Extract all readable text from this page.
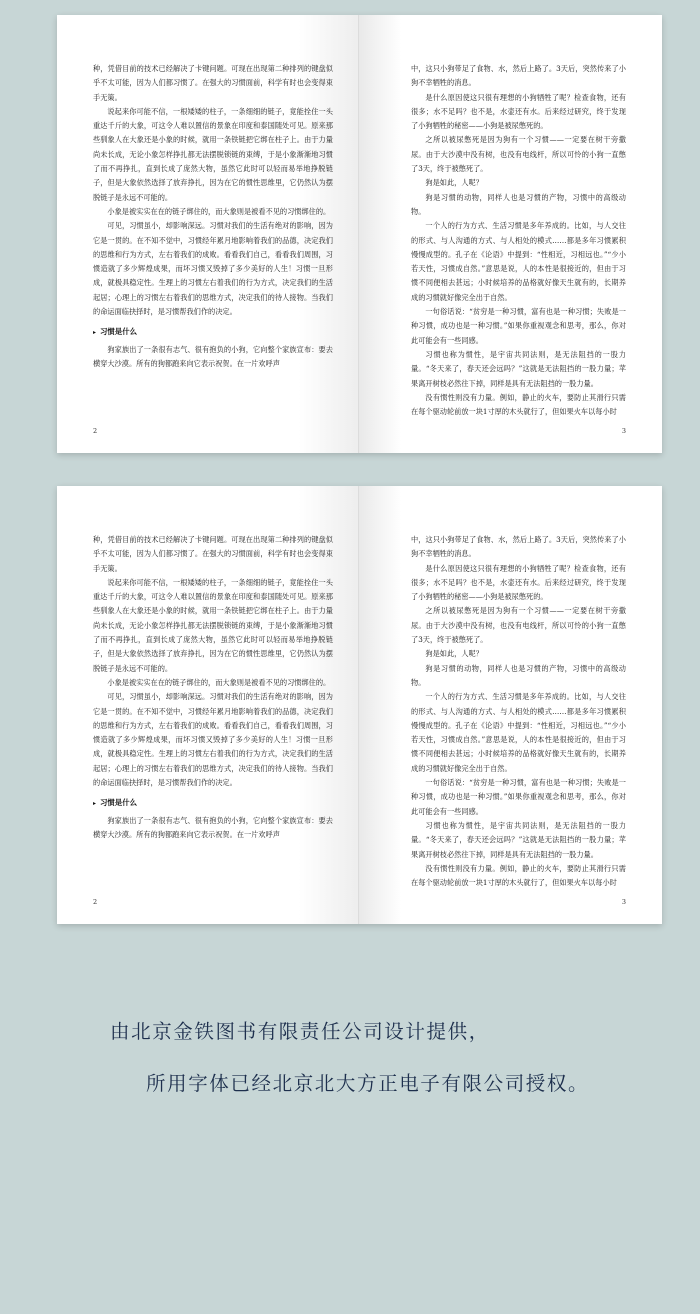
种，凭借目前的技术已经解决了卡键问题。可现在出现第二种排列的键盘似乎不太可能，因为人们都习惯了。在强大的习惯面前，科学有时也会变得束手无策。

说起来你可能不信，一根矮矮的柱子，一条细细的链子，竟能拴住一头重达千斤的大象，可这令人难以置信的景象在印度和泰国随处可见。原来那些驯象人在大象还是小象的时候，就用一条铁链把它绑在柱子上。由于力量尚未长成，无论小象怎样挣扎都无法摆脱锁链的束缚，于是小象渐渐地习惯了而不再挣扎，直到长成了庞然大物，虽然它此时可以轻而易举地挣脱链子，但是大象依然选择了放弃挣扎，因为在它的惯性思维里，它仍然认为摆脱链子是永远不可能的。

小象是被实实在在的链子绑住的，而大象则是被看不见的习惯绑住的。

可见，习惯虽小，却影响深远。习惯对我们的生活有绝对的影响，因为它是一贯的。在不知不觉中，习惯经年累月地影响着我们的品德，决定我们的思维和行为方式，左右着我们的成败。看看我们自己，看看我们周围，习惯造就了多少辉煌成果，而坏习惯又毁掉了多少美好的人生！习惯一旦形成，就极具稳定性。生理上的习惯左右着我们的行为方式，决定我们的生活起居；心理上的习惯左右着我们的思维方式，决定我们的待人接物。当我们的命运面临抉择时，是习惯帮我们作的决定。

▸ 习惯是什么

狗家族出了一条很有志气、很有抱负的小狗，它向整个家族宣布：要去横穿大沙漠。所有的狗都跑来向它表示祝贺。在一片欢呼声

2

中，这只小狗带足了食物、水，然后上路了。3天后，突然传来了小狗不幸牺牲的消息。

是什么原因使这只很有理想的小狗牺牲了呢？检查食物，还有很多；水不足吗？也不是，水壶还有水。后来经过研究，终于发现了小狗牺牲的秘密——小狗是被尿憋死的。

之所以被尿憋死是因为狗有一个习惯——一定要在树干旁撒尿。由于大沙漠中没有树，也没有电线杆，所以可怜的小狗一直憋了3天，终于被憋死了。

狗是如此，人呢？

狗是习惯的动物，同样人也是习惯的产物，习惯中的高级动物。

一个人的行为方式、生活习惯是多年养成的。比如，与人交往的形式、与人沟通的方式、与人相处的模式……都是多年习惯累积慢慢成型的。孔子在《论语》中提到：“性相近，习相远也。”“少小若天性，习惯成自然。”意思是说，人的本性是很接近的，但由于习惯不同便相去甚远；小时候培养的品格就好像天生就有的，长期养成的习惯就好像完全出于自然。

一句俗话说：“贫穷是一种习惯，富有也是一种习惯；失败是一种习惯，成功也是一种习惯。”如果你重视观念和思考，那么，你对此可能会有一些同感。

习惯也称为惯性，是宇宙共同法则，是无法阻挡的一股力量。“冬天来了，春天还会远吗？”这就是无法阻挡的一股力量；苹果离开树枝必然往下掉，同样是具有无法阻挡的一股力量。

没有惯性则没有力量。例如，静止的火车，要防止其滑行只需在每个驱动轮前放一块1寸厚的木头就行了，但如果火车以每小时

3

种，凭借目前的技术已经解决了卡键问题。可现在出现第二种排列的键盘似乎不太可能，因为人们都习惯了。在强大的习惯面前，科学有时也会变得束手无策。

说起来你可能不信，一根矮矮的柱子，一条细细的链子，竟能拴住一头重达千斤的大象，可这令人难以置信的景象在印度和泰国随处可见。原来那些驯象人在大象还是小象的时候，就用一条铁链把它绑在柱子上。由于力量尚未长成，无论小象怎样挣扎都无法摆脱锁链的束缚，于是小象渐渐地习惯了而不再挣扎，直到长成了庞然大物，虽然它此时可以轻而易举地挣脱链子，但是大象依然选择了放弃挣扎，因为在它的惯性思维里，它仍然认为摆脱链子是永远不可能的。

小象是被实实在在的链子绑住的，而大象则是被看不见的习惯绑住的。

可见，习惯虽小，却影响深远。习惯对我们的生活有绝对的影响，因为它是一贯的。在不知不觉中，习惯经年累月地影响着我们的品德，决定我们的思维和行为方式，左右着我们的成败。看看我们自己，看看我们周围，习惯造就了多少辉煌成果，而坏习惯又毁掉了多少美好的人生！习惯一旦形成，就极具稳定性。生理上的习惯左右着我们的行为方式，决定我们的生活起居；心理上的习惯左右着我们的思维方式，决定我们的待人接物。当我们的命运面临抉择时，是习惯帮我们作的决定。

▸ 习惯是什么

狗家族出了一条很有志气、很有抱负的小狗，它向整个家族宣布：要去横穿大沙漠。所有的狗都跑来向它表示祝贺。在一片欢呼声

2

中，这只小狗带足了食物、水，然后上路了。3天后，突然传来了小狗不幸牺牲的消息。

是什么原因使这只很有理想的小狗牺牲了呢？检查食物，还有很多；水不足吗？也不是，水壶还有水。后来经过研究，终于发现了小狗牺牲的秘密——小狗是被尿憋死的。

之所以被尿憋死是因为狗有一个习惯——一定要在树干旁撒尿。由于大沙漠中没有树，也没有电线杆，所以可怜的小狗一直憋了3天，终于被憋死了。

狗是如此，人呢？

狗是习惯的动物，同样人也是习惯的产物，习惯中的高级动物。

一个人的行为方式、生活习惯是多年养成的。比如，与人交往的形式、与人沟通的方式、与人相处的模式……都是多年习惯累积慢慢成型的。孔子在《论语》中提到：“性相近，习相远也。”“少小若天性，习惯成自然。”意思是说，人的本性是很接近的，但由于习惯不同便相去甚远；小时候培养的品格就好像天生就有的，长期养成的习惯就好像完全出于自然。

一句俗话说：“贫穷是一种习惯，富有也是一种习惯；失败是一种习惯，成功也是一种习惯。”如果你重视观念和思考，那么，你对此可能会有一些同感。

习惯也称为惯性，是宇宙共同法则，是无法阻挡的一股力量。“冬天来了，春天还会远吗？”这就是无法阻挡的一股力量；苹果离开树枝必然往下掉，同样是具有无法阻挡的一股力量。

没有惯性则没有力量。例如，静止的火车，要防止其滑行只需在每个驱动轮前放一块1寸厚的木头就行了，但如果火车以每小时

3
由北京金铁图书有限责任公司设计提供，
所用字体已经北京北大方正电子有限公司授权。
